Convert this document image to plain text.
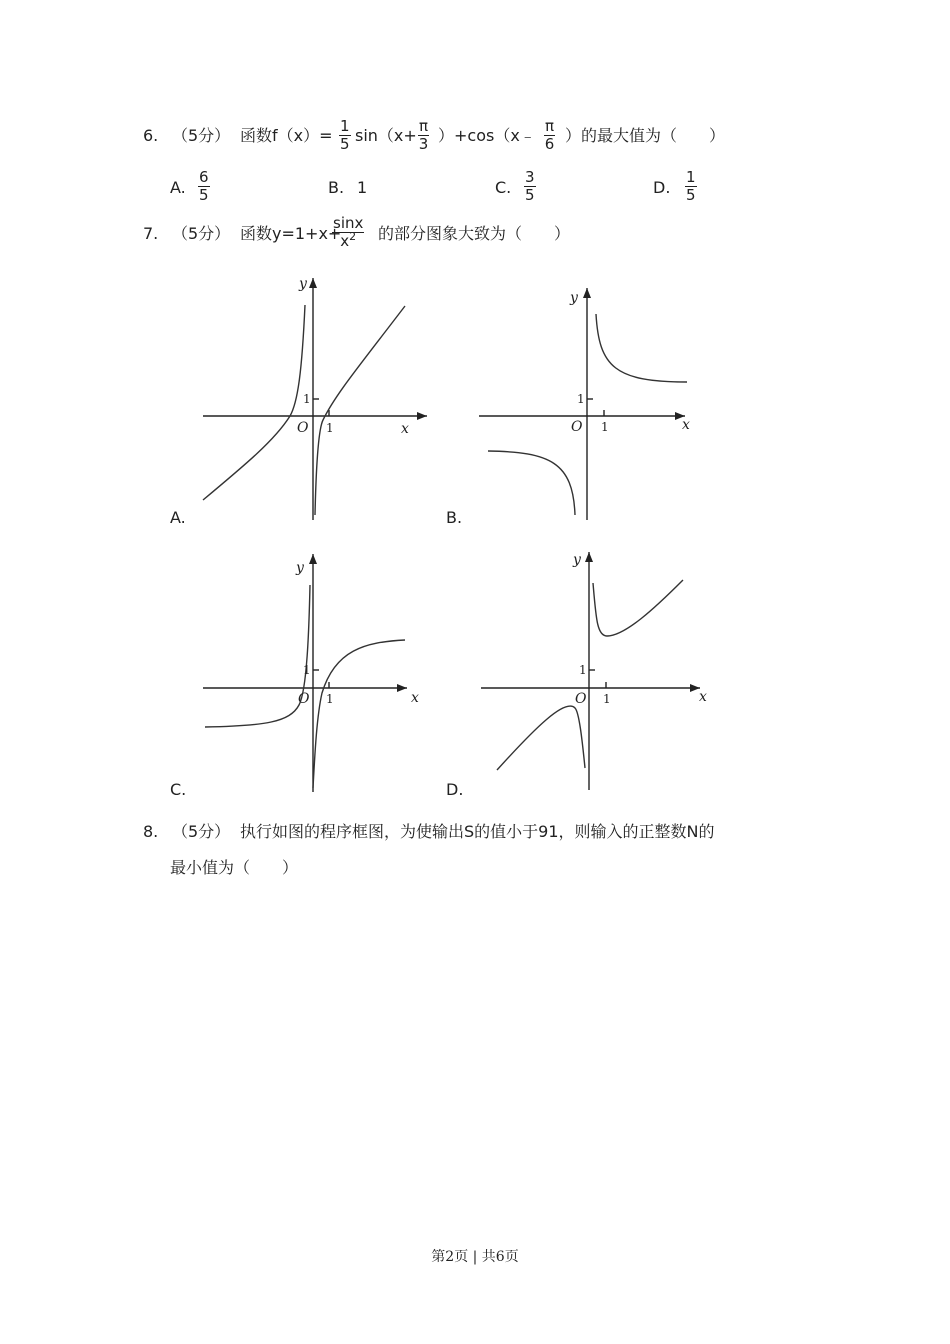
6. （5分） 函数f（x）= 1
5 sin（x+ π
3 ）+cos（x﹣ π
6 ）的最大值为（　　）
A.
6
5	B. 1	C.
3
5	D.
1
5
7. （5分） 函数y=1+x+
sinx
$x^2$ 的部分图象大致为（　　）
y
x
O 1
1
A.
y
x
O 1
1
B.
y
x
O 1
1
C.
y
x
O 1
1
D.
8. （5分） 执行如图的程序框图，为使输出S的值小于91，则输入的正整数N的
最小值为（　　）
第2页 | 共6页
